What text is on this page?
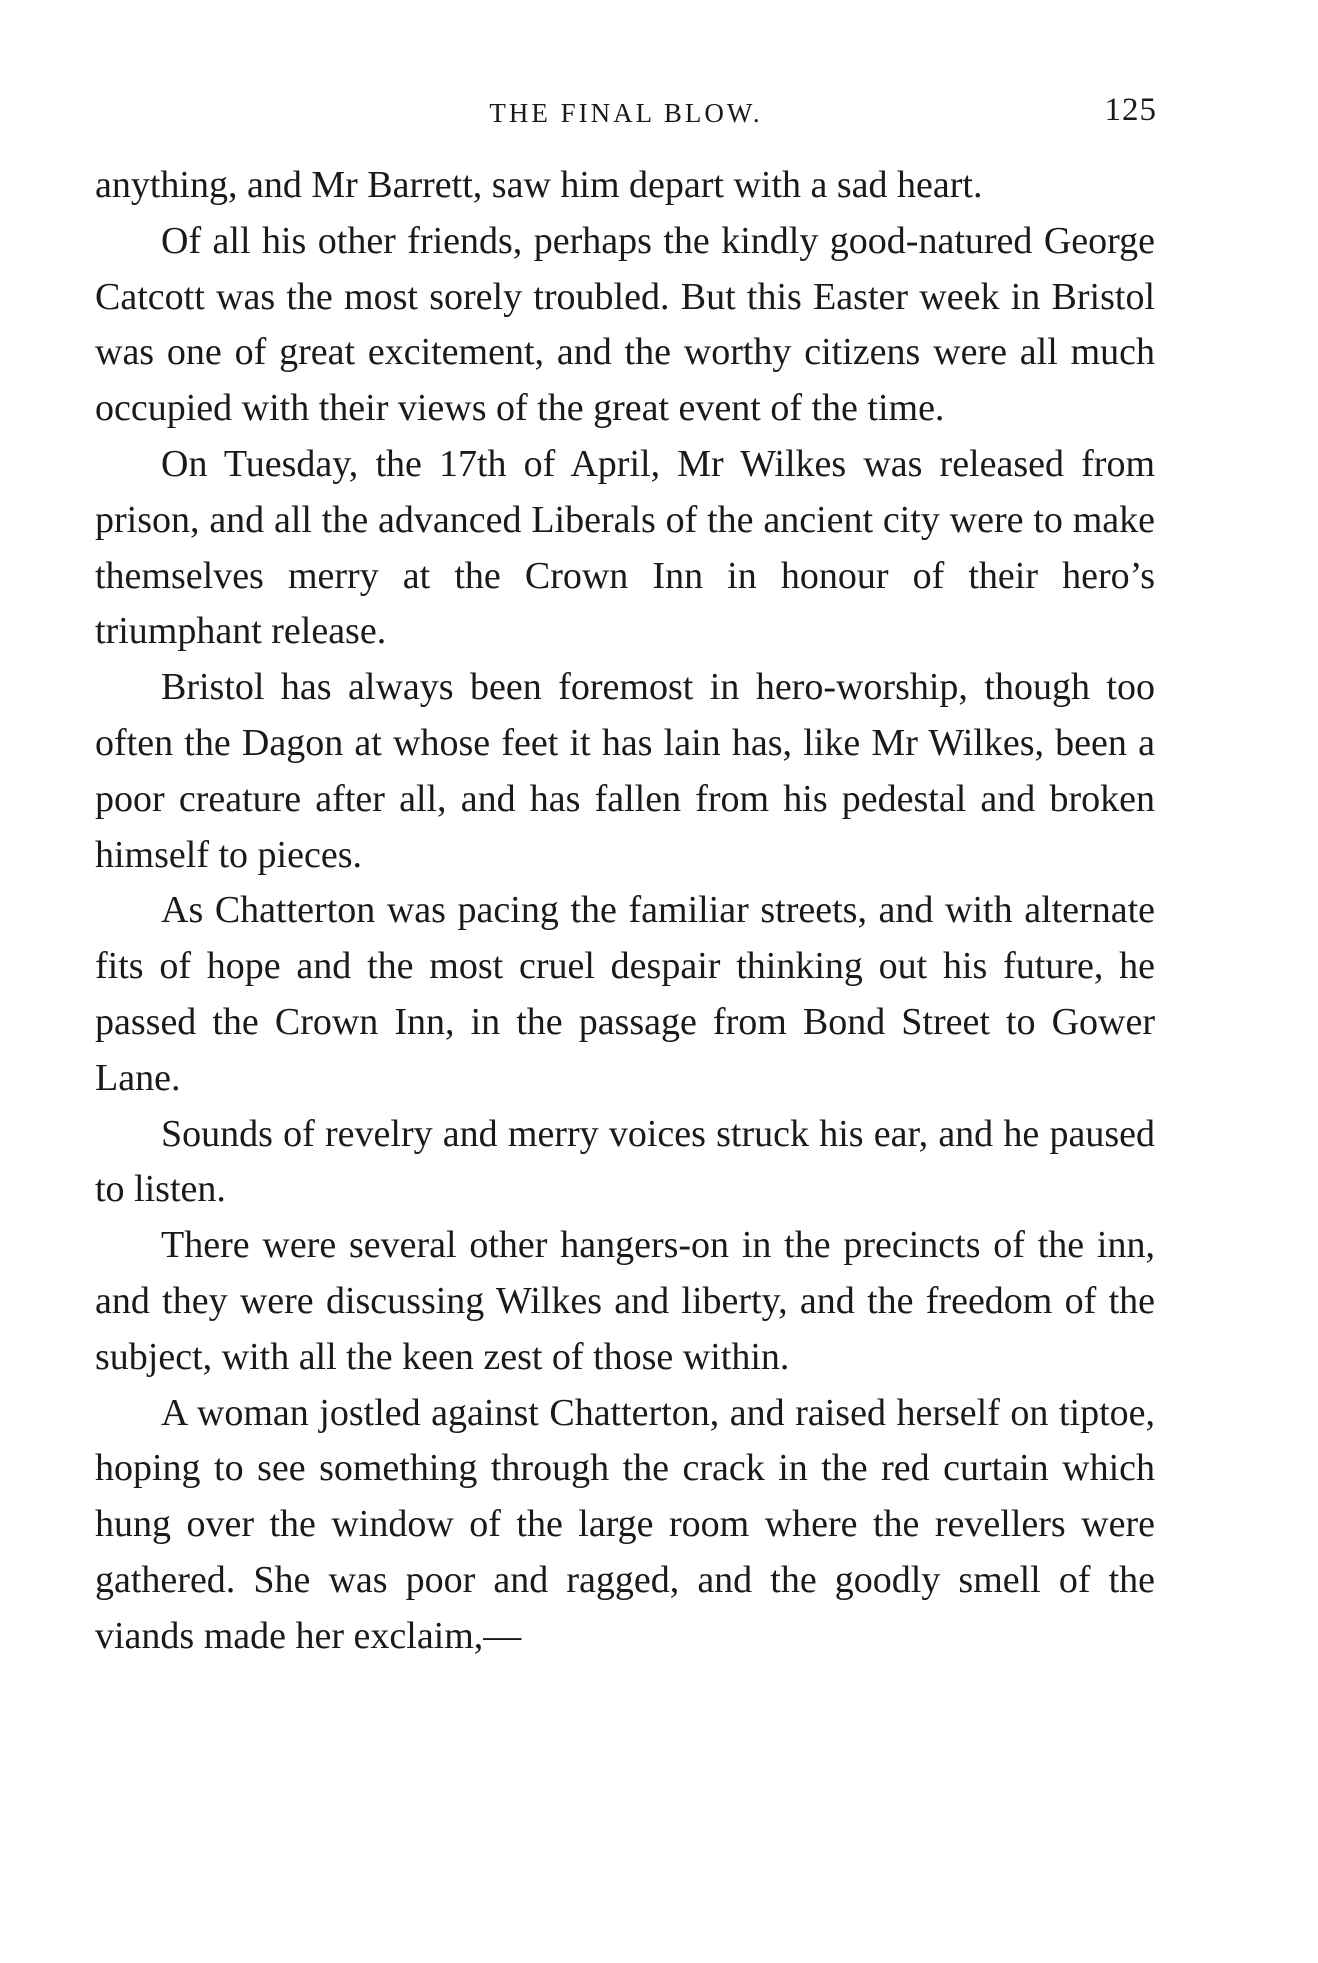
THE FINAL BLOW.	125

anything, and Mr Barrett, saw him depart with a sad heart.

Of all his other friends, perhaps the kindly good-natured George Catcott was the most sorely troubled. But this Easter week in Bristol was one of great excitement, and the worthy citizens were all much occupied with their views of the great event of the time.

On Tuesday, the 17th of April, Mr Wilkes was released from prison, and all the advanced Liberals of the ancient city were to make themselves merry at the Crown Inn in honour of their hero’s triumphant release.

Bristol has always been foremost in hero-worship, though too often the Dagon at whose feet it has lain has, like Mr Wilkes, been a poor creature after all, and has fallen from his pedestal and broken himself to pieces.

As Chatterton was pacing the familiar streets, and with alternate fits of hope and the most cruel despair thinking out his future, he passed the Crown Inn, in the passage from Bond Street to Gower Lane.

Sounds of revelry and merry voices struck his ear, and he paused to listen.

There were several other hangers-on in the precincts of the inn, and they were discussing Wilkes and liberty, and the freedom of the subject, with all the keen zest of those within.

A woman jostled against Chatterton, and raised herself on tiptoe, hoping to see something through the crack in the red curtain which hung over the window of the large room where the revellers were gathered. She was poor and ragged, and the goodly smell of the viands made her exclaim,—
